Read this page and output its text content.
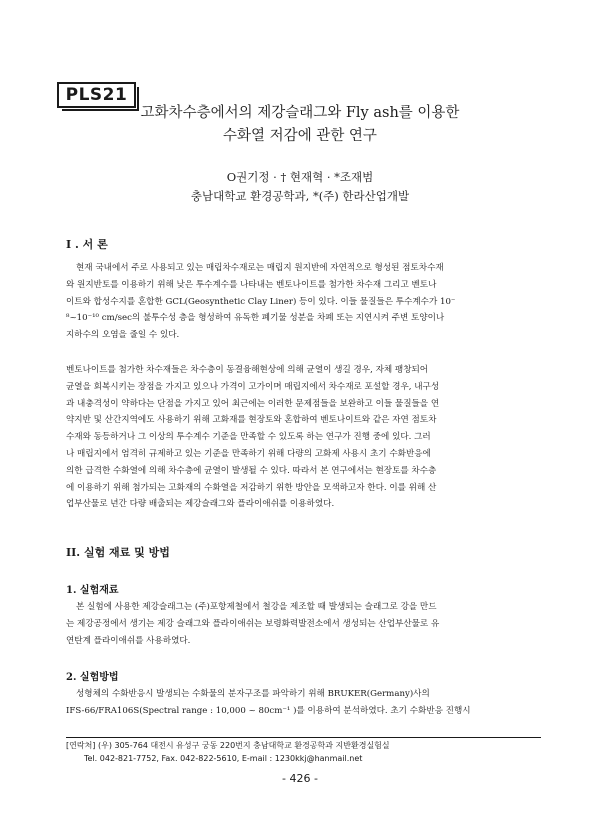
PLS21
고화차수층에서의 제강슬래그와 Fly ash를 이용한
수화열 저감에 관한 연구
O권기정 · † 현재혁 · *조재범
충남대학교 환경공학과, *(주) 한라산업개발
I . 서 론
현재 국내에서 주로 사용되고 있는 매립차수재로는 매립지 원지반에 자연적으로 형성된 점토차수재
와 원지반토를 이용하기 위해 낮은 투수계수를 나타내는 벤토나이트를 첨가한 차수재 그리고 벤토나
이트와 합성수지를 혼합한 GCL(Geosynthetic Clay Liner) 등이 있다. 이들 물질들은 투수계수가 10⁻
⁸~10⁻¹⁰ cm/sec의 불투수성 층을 형성하여 유독한 폐기물 성분을 차폐 또는 지연시켜 주변 토양이나
지하수의 오염을 줄일 수 있다.
벤토나이트를 첨가한 차수재들은 차수층이 동결융해현상에 의해 균열이 생길 경우, 자체 팽창되어
균열을 회복시키는 장점을 가지고 있으나 가격이 고가이며 매립지에서 차수재로 포설할 경우, 내구성
과 내충격성이 약하다는 단점을 가지고 있어 최근에는 이러한 문제점들을 보완하고 이들 물질들을 연
약지반 및 산간지역에도 사용하기 위해 고화재를 현장토와 혼합하여 벤토나이트와 같은 자연 점토차
수재와 동등하거나 그 이상의 투수계수 기준을 만족할 수 있도록 하는 연구가 진행 중에 있다. 그러
나 매립지에서 엄격히 규제하고 있는 기준을 만족하기 위해 다량의 고화제 사용시 초기 수화반응에
의한 급격한 수화열에 의해 차수층에 균열이 발생될 수 있다. 따라서 본 연구에서는 현장토를 차수층
에 이용하기 위해 첨가되는 고화재의 수화열을 저감하기 위한 방안을 모색하고자 한다. 이를 위해 산
업부산물로 년간 다량 배출되는 제강슬래그와 플라이애쉬를 이용하였다.
II. 실험 재료 및 방법
1. 실험재료
본 실험에 사용한 제강슬래그는 (주)포항제철에서 철강을 제조할 때 발생되는 슬래그로 강을 만드
는 제강공정에서 생기는 제강 슬래그와 플라이애쉬는 보령화력발전소에서 생성되는 산업부산물로 유
연탄계 플라이애쉬를 사용하였다.
2. 실험방법
성형체의 수화반응시 발생되는 수화물의 분자구조를 파악하기 위해 BRUKER(Germany)사의
IFS-66/FRA106S(Spectral range : 10,000 ~ 80cm⁻¹ )를 이용하여 분석하였다. 초기 수화반응 진행시
[연락처] (우) 305-764 대전시 유성구 궁동 220번지 충남대학교 환경공학과 지반환경실험실
Tel. 042-821-7752, Fax. 042-822-5610, E-mail : 1230kkj@hanmail.net
- 426 -
